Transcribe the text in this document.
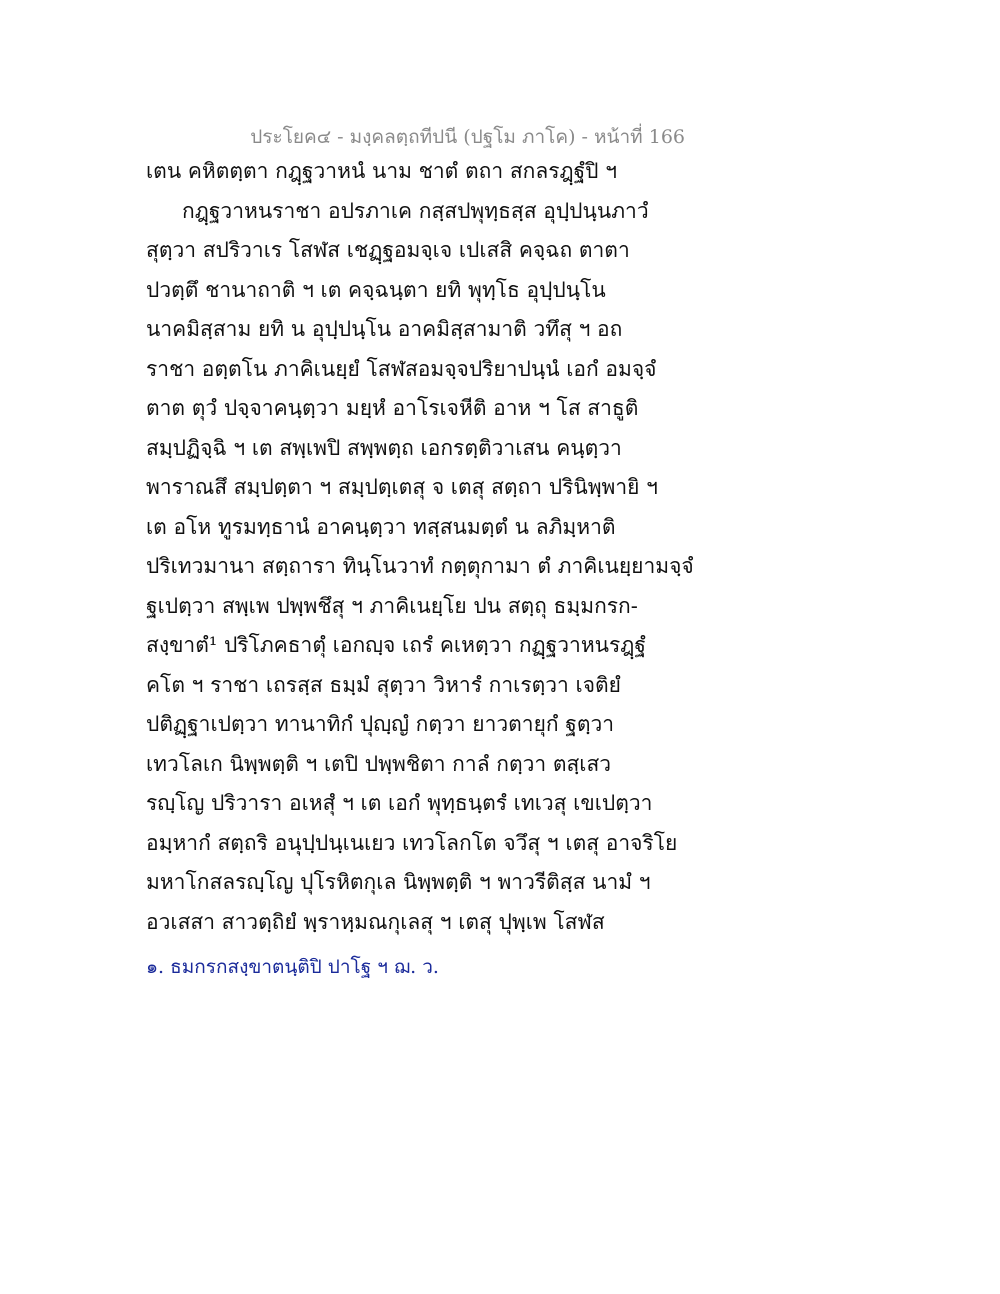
ประโยค๔ - มงฺคลตฺถทีปนี (ปฐโม ภาโค) - หน้าที่ 166
เตน คหิตตฺตา กฎฺฐวาหนํ นาม ชาตํ ตถา สกลรฎฺฐํปิ ฯ
กฎฺฐวาหนราชา อปรภาเค กสฺสปพุทฺธสฺส อุปฺปนฺนภาวํ
สุตฺวา สปริวาเร โสฬส เชฏฺฐอมจฺเจ เปเสสิ คจฺฉถ ตาตา
ปวตฺตึ ชานาถาติ ฯ เต คจฺฉนฺตา ยทิ พุทฺโธ อุปฺปนฺโน
นาคมิสฺสาม ยทิ น อุปฺปนฺโน อาคมิสฺสามาติ วทึสุ ฯ อถ
ราชา อตฺตโน ภาคิเนยฺยํ โสฬสอมจฺจปริยาปนฺนํ เอกํ อมจฺจํ
ตาต ตุวํ ปจฺจาคนฺตฺวา มยฺหํ อาโรเจหีติ อาห ฯ โส สาธูติ
สมฺปฏิจฺฉิ ฯ เต สพฺเพปิ สพฺพตฺถ เอกรตฺติวาเสน คนฺตฺวา
พาราณสึ สมฺปตฺตา ฯ สมฺปตฺเตสุ จ เตสุ สตฺถา ปรินิพฺพายิ ฯ
เต อโห ทูรมทฺธานํ อาคนฺตฺวา ทสฺสนมตฺตํ น ลภิมฺหาติ
ปริเทวมานา สตฺถารา ทินฺโนวาทํ กตฺตุกามา ตํ ภาคิเนยฺยามจฺจํ
ฐเปตฺวา สพฺเพ ปพฺพชึสุ ฯ ภาคิเนยฺโย ปน สตฺถุ ธมฺมกรก-
สงฺขาตํ¹ ปริโภคธาตุํ เอกญฺจ เถรํ คเหตฺวา กฏฺฐวาหนรฎฺฐํ
คโต ฯ ราชา เถรสฺส ธมฺมํ สุตฺวา วิหารํ กาเรตฺวา เจติยํ
ปติฏฺฐาเปตฺวา ทานาทิกํ ปุญฺญํ กตฺวา ยาวตายุกํ ฐตฺวา
เทวโลเก นิพฺพตฺติ ฯ เตปิ ปพฺพชิตา กาลํ กตฺวา ตสฺเสว
รญฺโญ ปริวารา อเหสุํ ฯ เต เอกํ พุทฺธนฺตรํ เทเวสุ เขเปตฺวา
อมฺหากํ สตฺถริ อนุปฺปนฺเนเยว เทวโลกโต จวึสุ ฯ เตสุ อาจริโย
มหาโกสลรญฺโญ ปุโรหิตกุเล นิพฺพตฺติ ฯ พาวรีติสฺส นามํ ฯ
อวเสสา สาวตฺถิยํ พฺราหฺมณกุเลสุ ฯ เตสุ ปุพฺเพ โสฬส
๑. ธมกรกสงฺขาตนฺติปิ ปาโฐ ฯ ฌ. ว.
